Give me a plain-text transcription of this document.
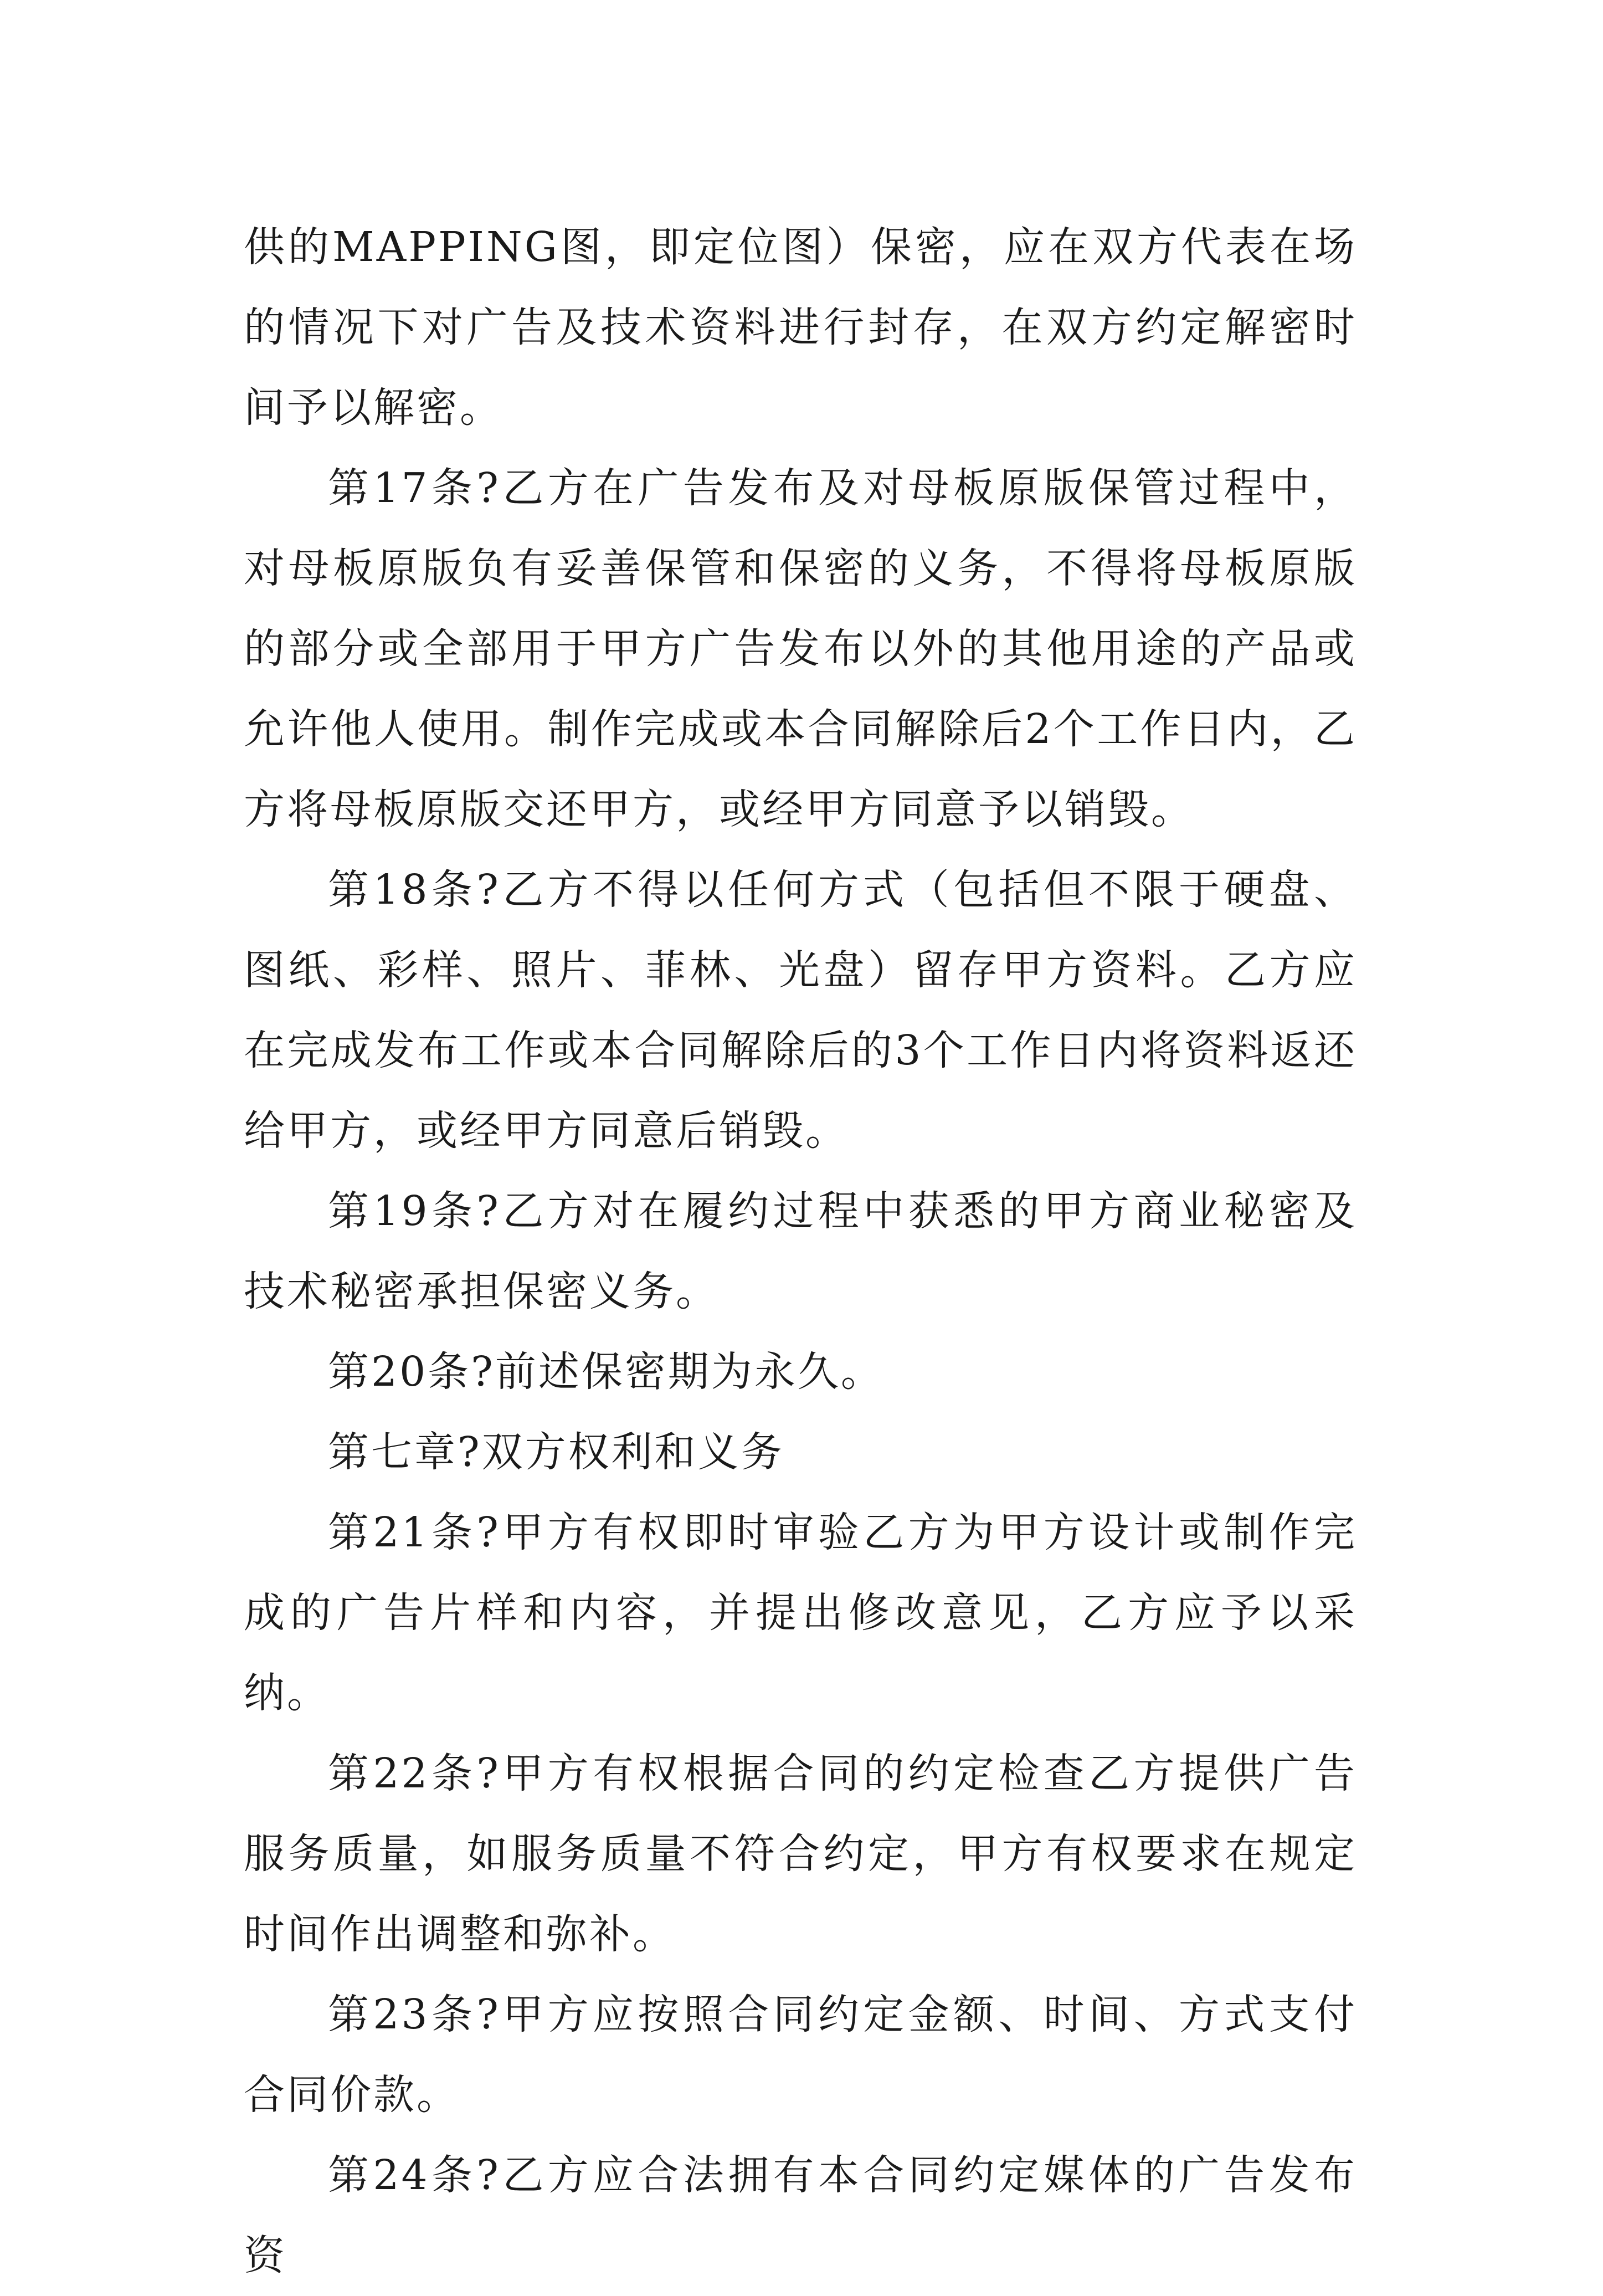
供的MAPPING图，即定位图）保密，应在双方代表在场的情况下对广告及技术资料进行封存，在双方约定解密时间予以解密。

第17条?乙方在广告发布及对母板原版保管过程中，对母板原版负有妥善保管和保密的义务，不得将母板原版的部分或全部用于甲方广告发布以外的其他用途的产品或允许他人使用。制作完成或本合同解除后2个工作日内，乙方将母板原版交还甲方，或经甲方同意予以销毁。

第18条?乙方不得以任何方式（包括但不限于硬盘、图纸、彩样、照片、菲林、光盘）留存甲方资料。乙方应在完成发布工作或本合同解除后的3个工作日内将资料返还给甲方，或经甲方同意后销毁。

第19条?乙方对在履约过程中获悉的甲方商业秘密及技术秘密承担保密义务。

第20条?前述保密期为永久。

第七章?双方权利和义务

第21条?甲方有权即时审验乙方为甲方设计或制作完成的广告片样和内容，并提出修改意见，乙方应予以采纳。

第22条?甲方有权根据合同的约定检查乙方提供广告服务质量，如服务质量不符合约定，甲方有权要求在规定时间作出调整和弥补。

第23条?甲方应按照合同约定金额、时间、方式支付合同价款。

第24条?乙方应合法拥有本合同约定媒体的广告发布资
